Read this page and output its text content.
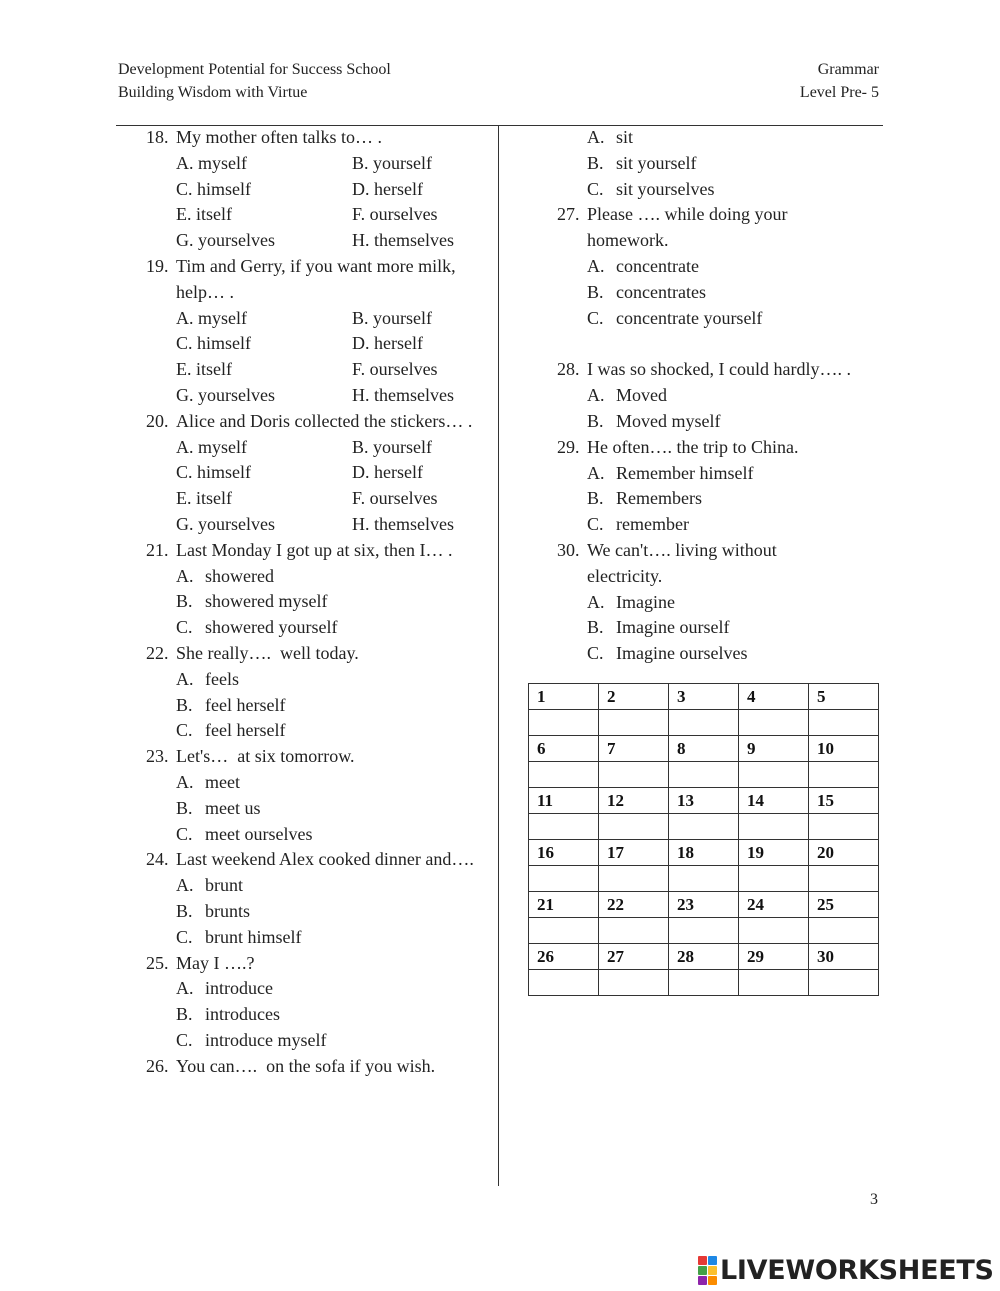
Development Potential for Success School
Building Wisdom with Virtue
Grammar
Level Pre- 5
18. My mother often talks to… .
A. myself	B. yourself
C. himself	D. herself
E. itself	F. ourselves
G. yourselves	H. themselves
19. Tim and Gerry, if you want more milk, help… .
A. myself	B. yourself
C. himself	D. herself
E. itself	F. ourselves
G. yourselves	H. themselves
20. Alice and Doris collected the stickers… .
A. myself	B. yourself
C. himself	D. herself
E. itself	F. ourselves
G. yourselves	H. themselves
21. Last Monday I got up at six, then I… .
A. showered
B. showered myself
C. showered yourself
22. She really….  well today.
A. feels
B. feel herself
C. feel herself
23. Let's…  at six tomorrow.
A. meet
B. meet us
C. meet ourselves
24. Last weekend Alex cooked dinner and….
A. brunt
B. brunts
C. brunt himself
25. May I ….?
A. introduce
B. introduces
C. introduce myself
26. You can….  on the sofa if you wish.
A. sit
B. sit yourself
C. sit yourselves
27. Please …. while doing your homework.
A. concentrate
B. concentrates
C. concentrate yourself
28. I was so shocked, I could hardly…. .
A. Moved
B. Moved myself
29. He often…. the trip to China.
A. Remember himself
B. Remembers
C. remember
30. We can't…. living without electricity.
A. Imagine
B. Imagine ourself
C. Imagine ourselves
1	2	3	4	5

6	7	8	9	10

11	12	13	14	15

16	17	18	19	20

21	22	23	24	25

26	27	28	29	30

3
LIVEWORKSHEETS
